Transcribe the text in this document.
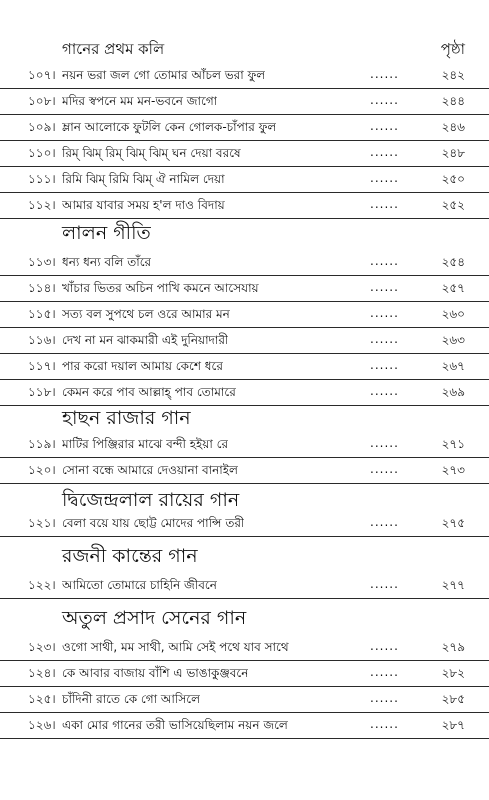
গানের প্রথম কলি	পৃষ্ঠা
১০৭। নয়ন ভরা জল গো তোমার আঁচল ভরা ফুল	......	২৪২
১০৮। মদির স্বপনে মম মন-ভবনে জাগো	......	২৪৪
১০৯। ম্লান আলোকে ফুটলি কেন গোলক-চাঁপার ফুল	......	২৪৬
১১০। রিম্ ঝিম্ রিম্ ঝিম্ ঝিম্ ঘন দেয়া বরষে	......	২৪৮
১১১। রিমি ঝিম্ রিমি ঝিম্ ঐ নামিল দেয়া	......	২৫০
১১২। আমার যাবার সময় হ'ল দাও বিদায়	......	২৫২
লালন গীতি
১১৩। ধন্য ধন্য বলি তাঁরে	......	২৫৪
১১৪। খাঁচার ভিতর অচিন পাখি কমনে আসেযায়	......	২৫৭
১১৫। সত্য বল সুপথে চল ওরে আমার মন	......	২৬০
১১৬। দেখ না মন ঝাকমারী এই দুনিয়াদারী	......	২৬৩
১১৭। পার করো দয়াল আমায় কেশে ধরে	......	২৬৭
১১৮। কেমন করে পাব আল্লাহ্ পাব তোমারে	......	২৬৯
হাছন রাজার গান
১১৯। মাটির পিঞ্জিরার মাঝে বন্দী হইয়া রে	......	২৭১
১২০। সোনা বন্ধে আমারে দেওয়ানা বানাইল	......	২৭৩
দ্বিজেন্দ্রলাল রায়ের গান
১২১। বেলা বয়ে যায় ছোট্ট মোদের পান্সি তরী	......	২৭৫
রজনী কান্তের গান
১২২। আমিতো তোমারে চাহিনি জীবনে	......	২৭৭
অতুল প্রসাদ সেনের গান
১২৩। ওগো সাথী, মম সাথী, আমি সেই পথে যাব সাথে	......	২৭৯
১২৪। কে আবার বাজায় বাঁশি এ ভাঙাকুঞ্জবনে	......	২৮২
১২৫। চাঁদিনী রাতে কে গো আসিলে	......	২৮৫
১২৬। একা মোর গানের তরী ভাসিয়েছিলাম নয়ন জলে	......	২৮৭
